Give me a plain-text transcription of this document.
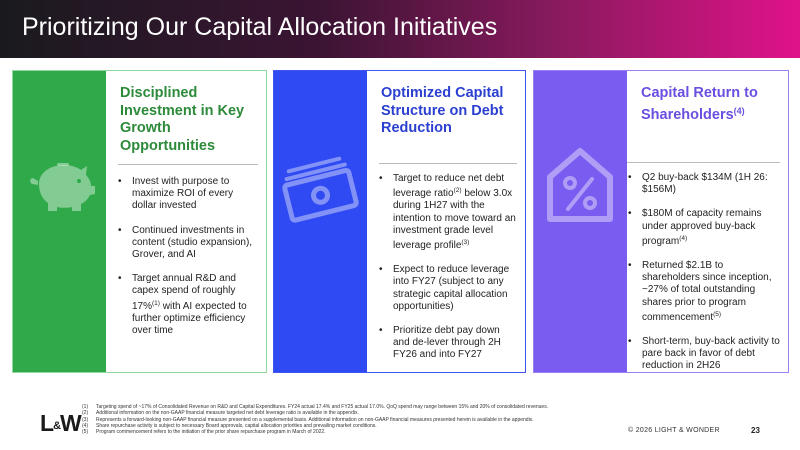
Prioritizing Our Capital Allocation Initiatives
Disciplined Investment in Key Growth Opportunities
• Invest with purpose to maximize ROI of every dollar invested
• Continued investments in content (studio expansion), Grover, and AI
• Target annual R&D and capex spend of roughly 17%$^{(1)}$ with AI expected to further optimize efficiency over time
Optimized Capital Structure on Debt Reduction
• Target to reduce net debt leverage ratio$^{(2)}$ below 3.0x during 1H27 with the intention to move toward an investment grade level leverage profile$^{(3)}$
• Expect to reduce leverage into FY27 (subject to any strategic capital allocation opportunities)
• Prioritize debt pay down and de-lever through 2H FY26 and into FY27
Capital Return to Shareholders$^{(4)}$
• Q2 buy-back $134M (1H 26: $156M)
• $180M of capacity remains under approved buy-back program$^{(4)}$
• Returned $2.1B to shareholders since inception, ~27% of total outstanding shares prior to program commencement$^{(5)}$
• Short-term, buy-back activity to pare back in favor of debt reduction in 2H26
L&W
(1)	Targeting spend of ~17% of Consolidated Revenue on R&D and Capital Expenditures. FY24 actual 17.4% and FY25 actual 17.0%. QoQ spend may range between 15% and 20% of consolidated revenues.
(2)	Additional information on the non-GAAP financial measure targeted net debt leverage ratio is available in the appendix.
(3)	Represents a forward-looking non-GAAP financial measure presented on a supplemental basis. Additional information on non-GAAP financial measures presented herein is available in the appendix.
(4)	Share repurchase activity is subject to necessary Board approvals, capital allocation priorities and prevailing market conditions.
(5)	Program commencement refers to the initiation of the prior share repurchase program in March of 2022.	© 2026 LIGHT & WONDER	23
